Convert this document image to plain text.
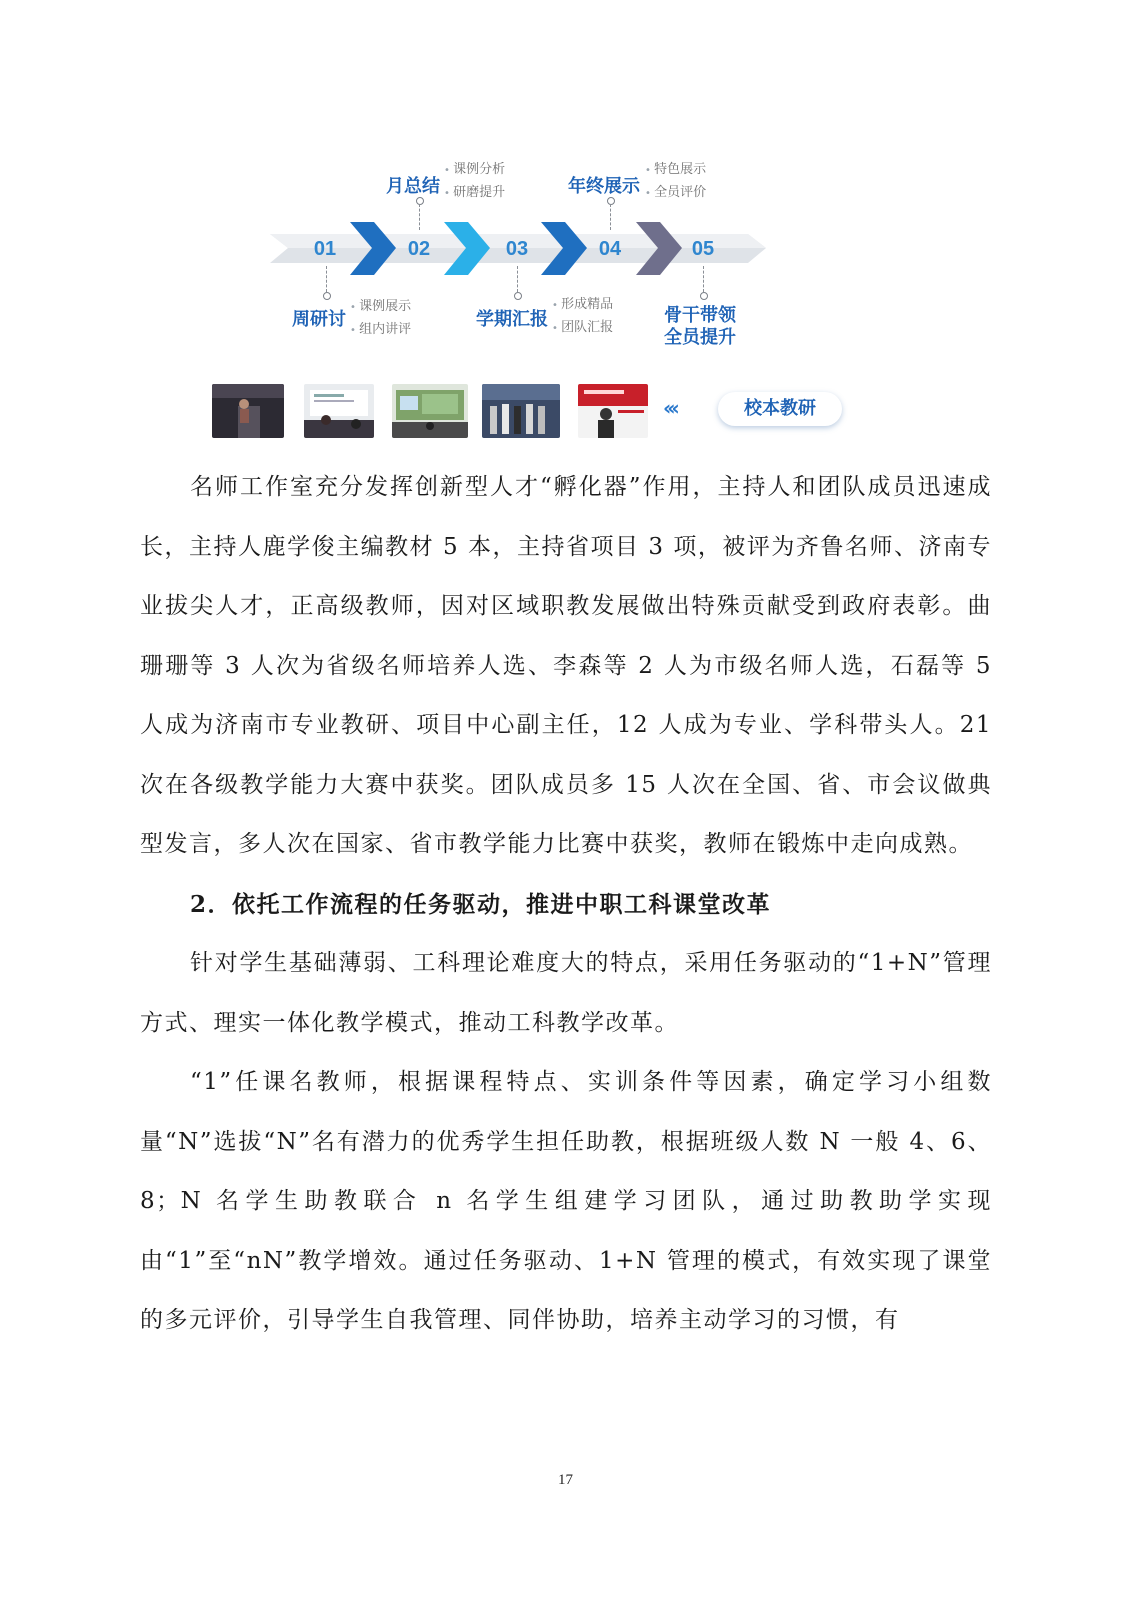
01	02	03	04	05
月总结
• 课例分析
• 研磨提升	年终展示
• 特色展示
• 全员评价
周研讨
• 课例展示
• 组内讲评	学期汇报
• 形成精品
• 团队汇报
骨干带领
全员提升
‹‹‹	校本教研

名师工作室充分发挥创新型人才“孵化器”作用，主持人和团队成员迅速成长，主持人鹿学俊主编教材 5 本，主持省项目 3 项，被评为齐鲁名师、济南专业拔尖人才，正高级教师，因对区域职教发展做出特殊贡献受到政府表彰。曲珊珊等 3 人次为省级名师培养人选、李森等 2 人为市级名师人选，石磊等 5 人成为济南市专业教研、项目中心副主任，12 人成为专业、学科带头人。21 次在各级教学能力大赛中获奖。团队成员多 15 人次在全国、省、市会议做典型发言，多人次在国家、省市教学能力比赛中获奖，教师在锻炼中走向成熟。

2．依托工作流程的任务驱动，推进中职工科课堂改革

针对学生基础薄弱、工科理论难度大的特点，采用任务驱动的“1+N”管理方式、理实一体化教学模式，推动工科教学改革。

“1”任课名教师，根据课程特点、实训条件等因素，确定学习小组数量“N”选拔“N”名有潜力的优秀学生担任助教，根据班级人数 N 一般 4、6、8；N 名学生助教联合 n 名学生组建学习团队，通过助教助学实现由“1”至“nN”教学增效。通过任务驱动、1+N 管理的模式，有效实现了课堂的多元评价，引导学生自我管理、同伴协助，培养主动学习的习惯，有

17
